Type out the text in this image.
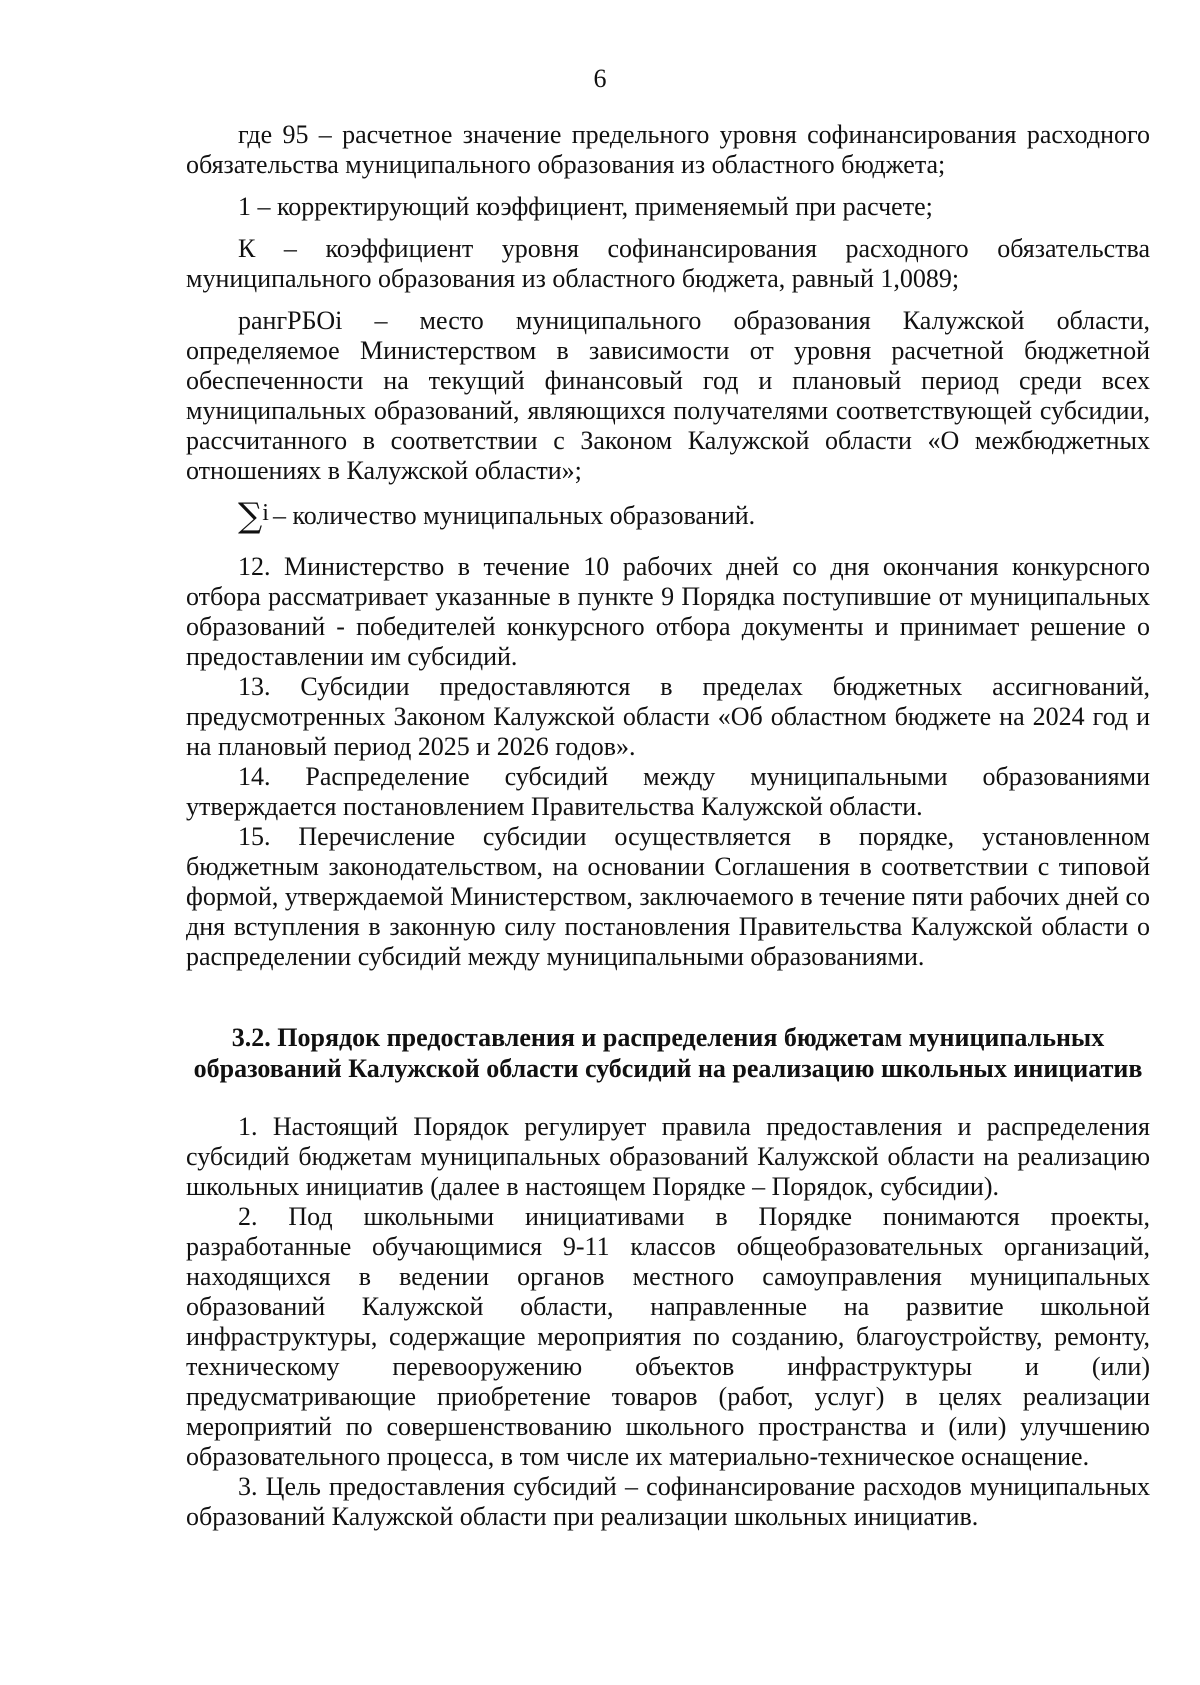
6

где 95 – расчетное значение предельного уровня софинансирования расходного обязательства муниципального образования из областного бюджета;

1 – корректирующий коэффициент, применяемый при расчете;

К – коэффициент уровня софинансирования расходного обязательства муниципального образования из областного бюджета, равный 1,0089;

рангРБОi – место муниципального образования Калужской области, определяемое Министерством в зависимости от уровня расчетной бюджетной обеспеченности на текущий финансовый год и плановый период среди всех муниципальных образований, являющихся получателями соответствующей субсидии, рассчитанного в соответствии с Законом Калужской области «О межбюджетных отношениях в Калужской области»;

∑i – количество муниципальных образований.

12. Министерство в течение 10 рабочих дней со дня окончания конкурсного отбора рассматривает указанные в пункте 9 Порядка поступившие от муниципальных образований - победителей конкурсного отбора документы и принимает решение о предоставлении им субсидий.

13. Субсидии предоставляются в пределах бюджетных ассигнований, предусмотренных Законом Калужской области «Об областном бюджете на 2024 год и на плановый период 2025 и 2026 годов».

14. Распределение субсидий между муниципальными образованиями утверждается постановлением Правительства Калужской области.

15. Перечисление субсидии осуществляется в порядке, установленном бюджетным законодательством, на основании Соглашения в соответствии с типовой формой, утверждаемой Министерством, заключаемого в течение пяти рабочих дней со дня вступления в законную силу постановления Правительства Калужской области о распределении субсидий между муниципальными образованиями.

3.2. Порядок предоставления и распределения бюджетам муниципальных
образований Калужской области субсидий на реализацию школьных инициатив

1. Настоящий Порядок регулирует правила предоставления и распределения субсидий бюджетам муниципальных образований Калужской области на реализацию школьных инициатив (далее в настоящем Порядке – Порядок, субсидии).

2. Под школьными инициативами в Порядке понимаются проекты, разработанные обучающимися 9-11 классов общеобразовательных организаций, находящихся в ведении органов местного самоуправления муниципальных образований Калужской области, направленные на развитие школьной инфраструктуры, содержащие мероприятия по созданию, благоустройству, ремонту, техническому перевооружению объектов инфраструктуры и (или) предусматривающие приобретение товаров (работ, услуг) в целях реализации мероприятий по совершенствованию школьного пространства и (или) улучшению образовательного процесса, в том числе их материально-техническое оснащение.

3. Цель предоставления субсидий – софинансирование расходов муниципальных образований Калужской области при реализации школьных инициатив.
